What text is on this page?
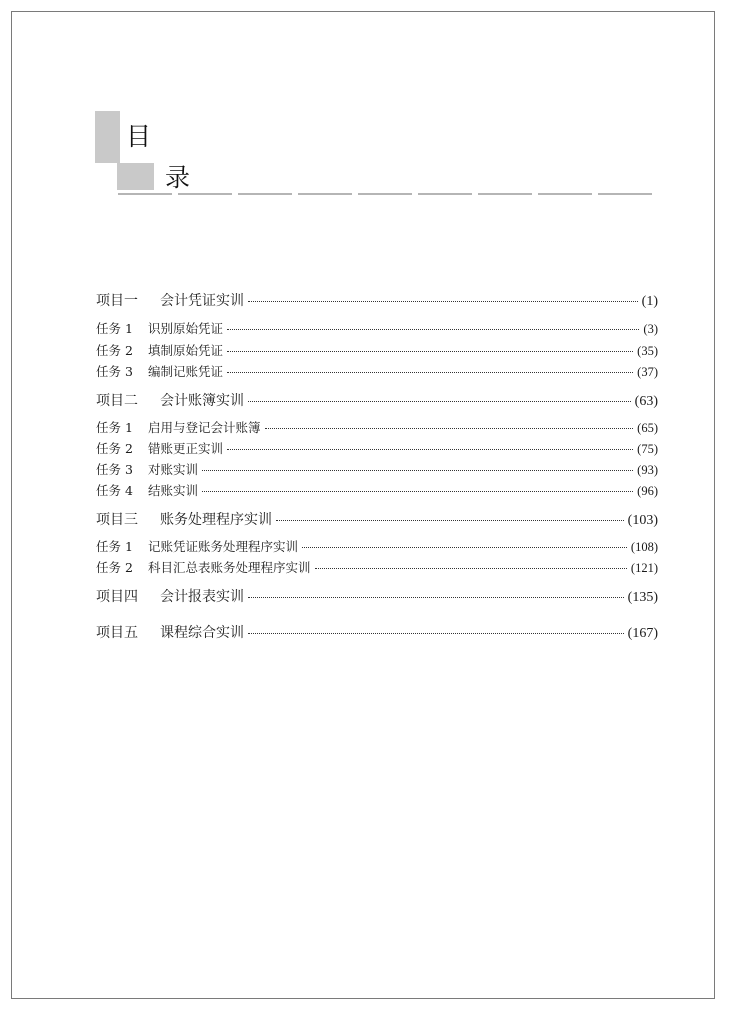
目
录
项目一 会计凭证实训	(1)
任务 1 识别原始凭证	(3)
任务 2 填制原始凭证	(35)
任务 3 编制记账凭证	(37)
项目二 会计账簿实训	(63)
任务 1 启用与登记会计账簿	(65)
任务 2 错账更正实训	(75)
任务 3 对账实训	(93)
任务 4 结账实训	(96)
项目三 账务处理程序实训	(103)
任务 1 记账凭证账务处理程序实训	(108)
任务 2 科目汇总表账务处理程序实训	(121)
项目四 会计报表实训	(135)
项目五 课程综合实训	(167)
